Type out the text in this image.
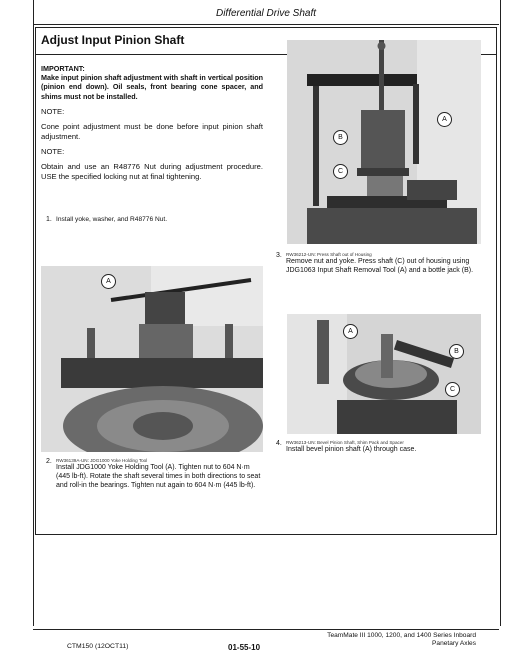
Differential Drive Shaft
Adjust Input Pinion Shaft

IMPORTANT:

Make input pinion shaft adjustment with shaft in vertical position (pinion end down). Oil seals, front bearing cone spacer, and shims must not be installed.

NOTE:

Cone point adjustment must be done before input pinion shaft adjustment.

NOTE:

Obtain and use an R48776 Nut during adjustment procedure. USE the specified locking nut at final tightening.

1. Install yoke, washer, and R48776 Nut.
A
B
C
3. RW36212-UN: Press Shaft out of Housing
Remove nut and yoke. Press shaft (C) out of housing using JDG1063 Input Shaft Removal Tool (A) and a bottle jack (B).
A
A
B
C
4. RW36213-UN: Bevel Pinion Shaft, Shim Pack and Spacer
Install bevel pinion shaft (A) through case.
2. RW36139A-UN: JDG1000 Yoke Holding Tool
Install JDG1000 Yoke Holding Tool (A). Tighten nut to 604 N·m (445 lb-ft). Rotate the shaft several times in both directions to seat and roll-in the bearings. Tighten nut again to 604 N·m (445 lb-ft).
CTM150 (12OCT11)	01-55-10
TeamMate III 1000, 1200, and 1400 Series Inboard Panetary Axles
